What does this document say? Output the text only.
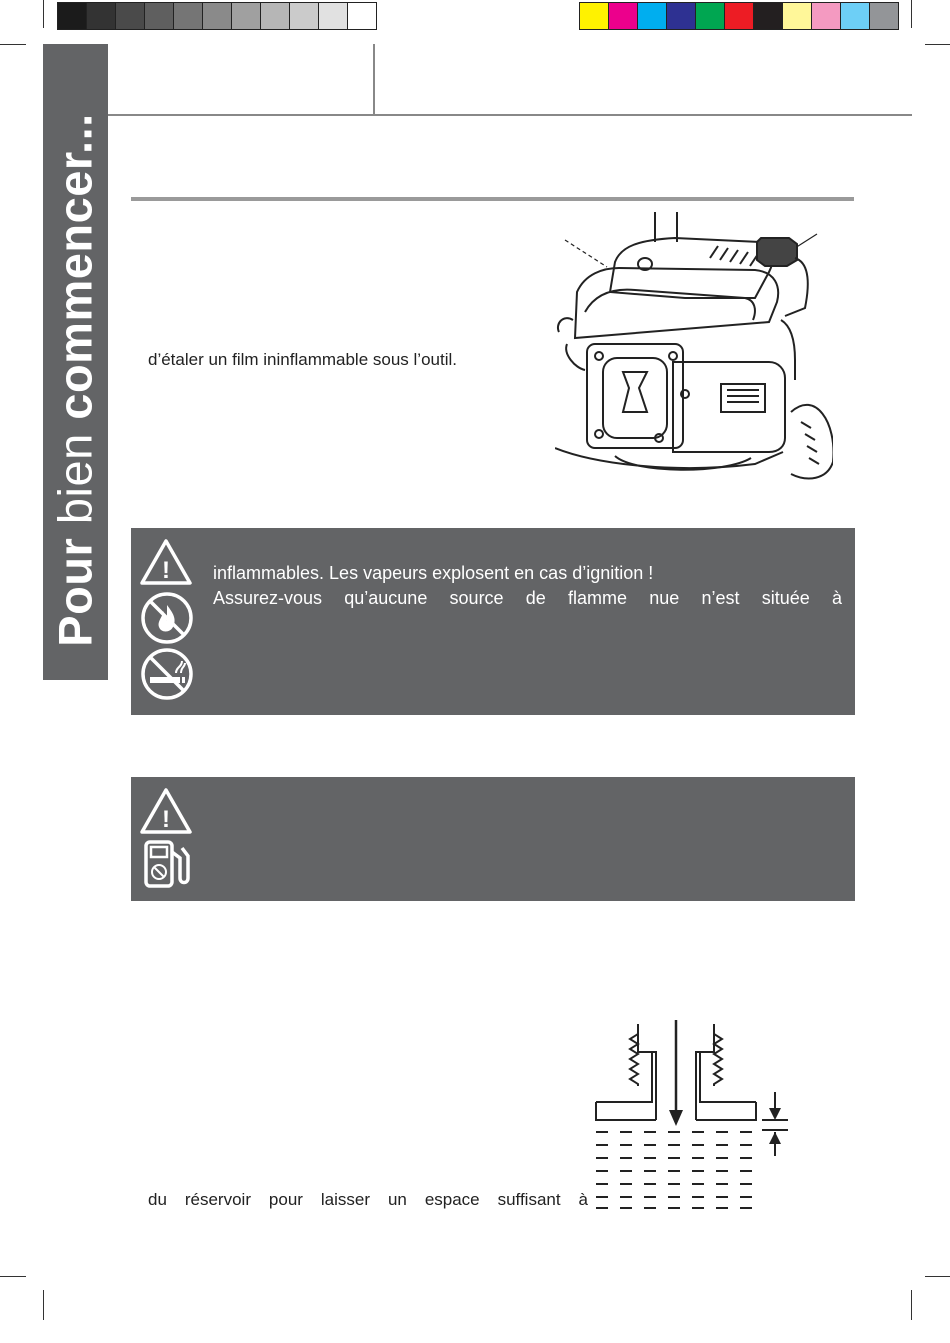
Pour bien commencer...	d’étaler un film ininflammable sous l’outil.
! inflammables. Les vapeurs explosent en cas d’ignition !
Assurez-vous qu’aucune source de flamme nue n’est située à
!
du réservoir pour laisser un espace suffisant à
